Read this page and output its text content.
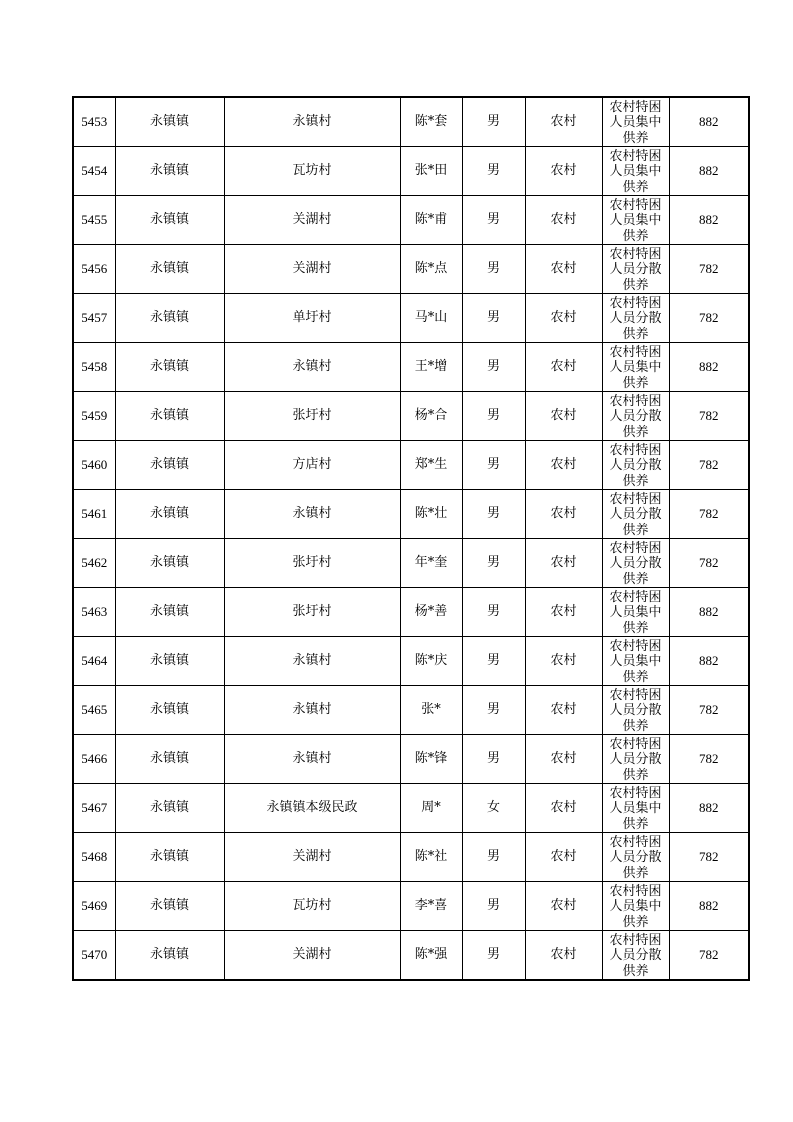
5453	永镇镇	永镇村	陈*套	男	农村	农村特困
人员集中
供养	882
5454	永镇镇	瓦坊村	张*田	男	农村	农村特困
人员集中
供养	882
5455	永镇镇	关湖村	陈*甫	男	农村	农村特困
人员集中
供养	882
5456	永镇镇	关湖村	陈*点	男	农村	农村特困
人员分散
供养	782
5457	永镇镇	单圩村	马*山	男	农村	农村特困
人员分散
供养	782
5458	永镇镇	永镇村	王*增	男	农村	农村特困
人员集中
供养	882
5459	永镇镇	张圩村	杨*合	男	农村	农村特困
人员分散
供养	782
5460	永镇镇	方店村	郑*生	男	农村	农村特困
人员分散
供养	782
5461	永镇镇	永镇村	陈*壮	男	农村	农村特困
人员分散
供养	782
5462	永镇镇	张圩村	年*奎	男	农村	农村特困
人员分散
供养	782
5463	永镇镇	张圩村	杨*善	男	农村	农村特困
人员集中
供养	882
5464	永镇镇	永镇村	陈*庆	男	农村	农村特困
人员集中
供养	882
5465	永镇镇	永镇村	张*	男	农村	农村特困
人员分散
供养	782
5466	永镇镇	永镇村	陈*锋	男	农村	农村特困
人员分散
供养	782
5467	永镇镇	永镇镇本级民政	周*	女	农村	农村特困
人员集中
供养	882
5468	永镇镇	关湖村	陈*社	男	农村	农村特困
人员分散
供养	782
5469	永镇镇	瓦坊村	李*喜	男	农村	农村特困
人员集中
供养	882
5470	永镇镇	关湖村	陈*强	男	农村	农村特困
人员分散
供养	782
